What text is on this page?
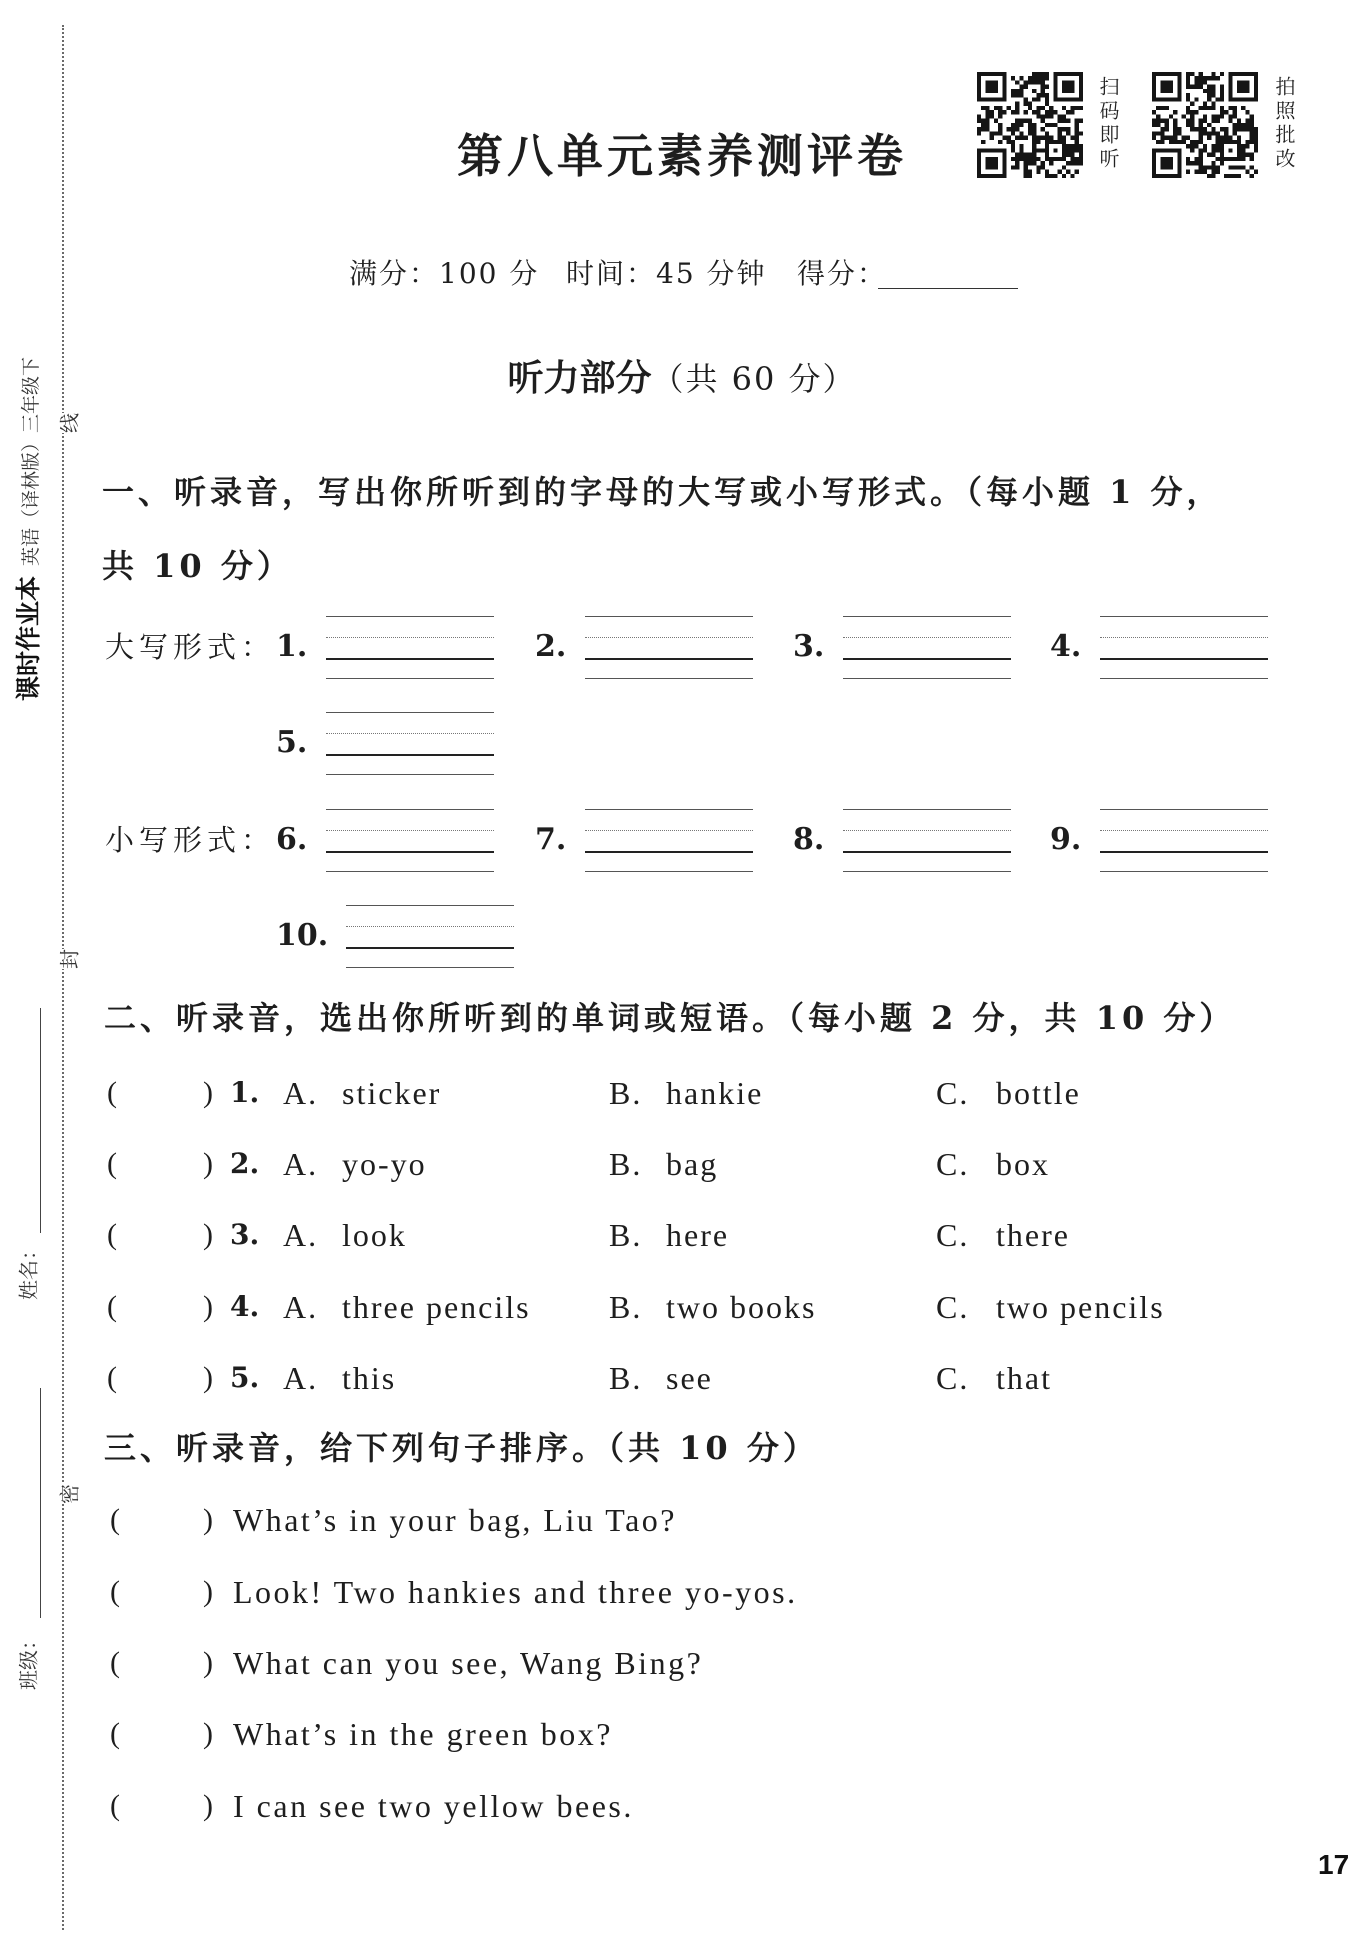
课时作业本英语（译林版）三年级下 线
封
密
姓名：
班级：
第八单元素养测评卷	扫码即听	拍照批改
满分：100 分 时间：45 分钟 得分：
听力部分（共 60 分）
一、听录音，写出你所听到的字母的大写或小写形式。（每小题 1 分，
共 10 分）
大写形式： 1.	2.	3.	4.
5.
小写形式： 6.	7.	8.	9.
10.
二、听录音，选出你所听到的单词或短语。（每小题 2 分，共 10 分）
(	) 1. A. sticker	B. hankie	C. bottle
(	) 2. A. yo-yo	B. bag	C. box
(	) 3. A. look	B. here	C. there
(	) 4. A. three pencils B. two books	C. two pencils
(	) 5. A. this	B. see	C. that
三、听录音，给下列句子排序。（共 10 分）
(	) What’s in your bag, Liu Tao?
(	) Look! Two hankies and three yo-yos.
(	) What can you see, Wang Bing?
(	) What’s in the green box?
(	) I can see two yellow bees.
17
